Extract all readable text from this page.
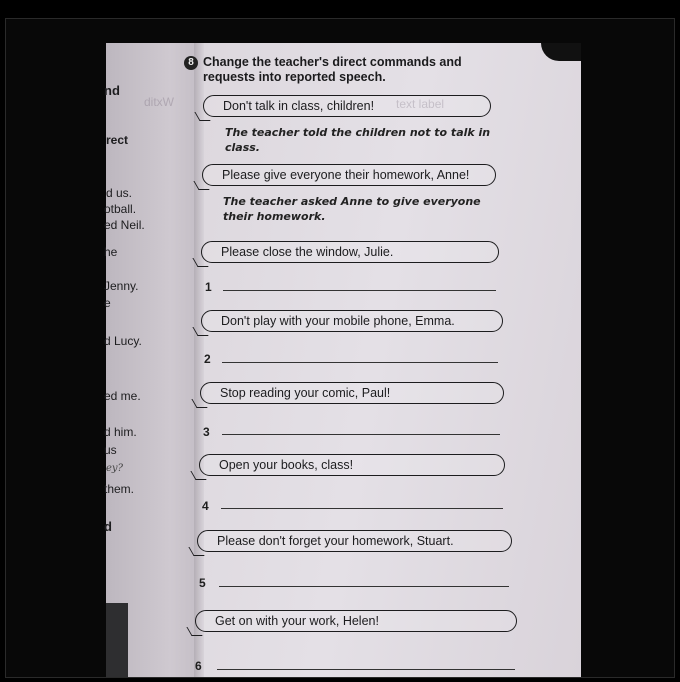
ditxW	text label
nd
rect
d us.
otball.
ed Neil.
he
Jenny.
e
d Lucy.
ed me.
d him.
us
ey?
them.
d
8 Change the teacher's direct commands and requests into reported speech.
Don't talk in class, children!
The teacher told the children not to talk in class.
Please give everyone their homework, Anne!
The teacher asked Anne to give everyone their homework.
Please close the window, Julie.
1
Don't play with your mobile phone, Emma.
2
Stop reading your comic, Paul!
3
Open your books, class!
4
Please don't forget your homework, Stuart.
5
Get on with your work, Helen!
6
